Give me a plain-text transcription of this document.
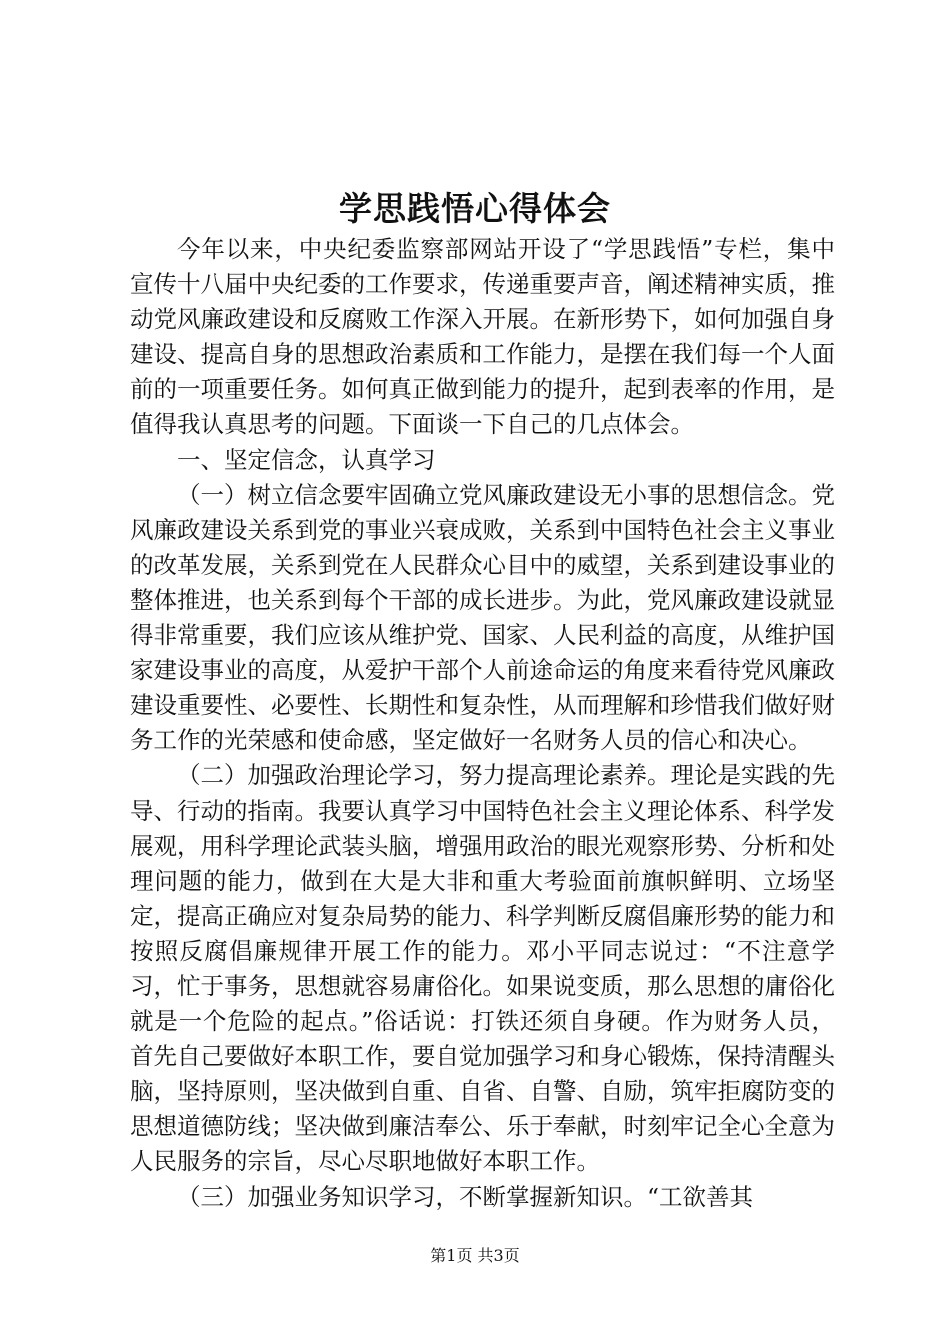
学思践悟心得体会

今年以来，中央纪委监察部网站开设了“学思践悟”专栏，集中宣传十八届中央纪委的工作要求，传递重要声音，阐述精神实质，推动党风廉政建设和反腐败工作深入开展。在新形势下，如何加强自身建设、提高自身的思想政治素质和工作能力，是摆在我们每一个人面前的一项重要任务。如何真正做到能力的提升，起到表率的作用，是值得我认真思考的问题。下面谈一下自己的几点体会。

一、坚定信念，认真学习

（一）树立信念要牢固确立党风廉政建设无小事的思想信念。党风廉政建设关系到党的事业兴衰成败，关系到中国特色社会主义事业的改革发展，关系到党在人民群众心目中的威望，关系到建设事业的整体推进，也关系到每个干部的成长进步。为此，党风廉政建设就显得非常重要，我们应该从维护党、国家、人民利益的高度，从维护国家建设事业的高度，从爱护干部个人前途命运的角度来看待党风廉政建设重要性、必要性、长期性和复杂性，从而理解和珍惜我们做好财务工作的光荣感和使命感，坚定做好一名财务人员的信心和决心。

（二）加强政治理论学习，努力提高理论素养。理论是实践的先导、行动的指南。我要认真学习中国特色社会主义理论体系、科学发展观，用科学理论武装头脑，增强用政治的眼光观察形势、分析和处理问题的能力，做到在大是大非和重大考验面前旗帜鲜明、立场坚定，提高正确应对复杂局势的能力、科学判断反腐倡廉形势的能力和按照反腐倡廉规律开展工作的能力。邓小平同志说过：“不注意学习，忙于事务，思想就容易庸俗化。如果说变质，那么思想的庸俗化就是一个危险的起点。”俗话说：打铁还须自身硬。作为财务人员，首先自己要做好本职工作，要自觉加强学习和身心锻炼，保持清醒头脑，坚持原则，坚决做到自重、自省、自警、自励，筑牢拒腐防变的思想道德防线；坚决做到廉洁奉公、乐于奉献，时刻牢记全心全意为人民服务的宗旨，尽心尽职地做好本职工作。

（三）加强业务知识学习，不断掌握新知识。“工欲善其

第1页 共3页
